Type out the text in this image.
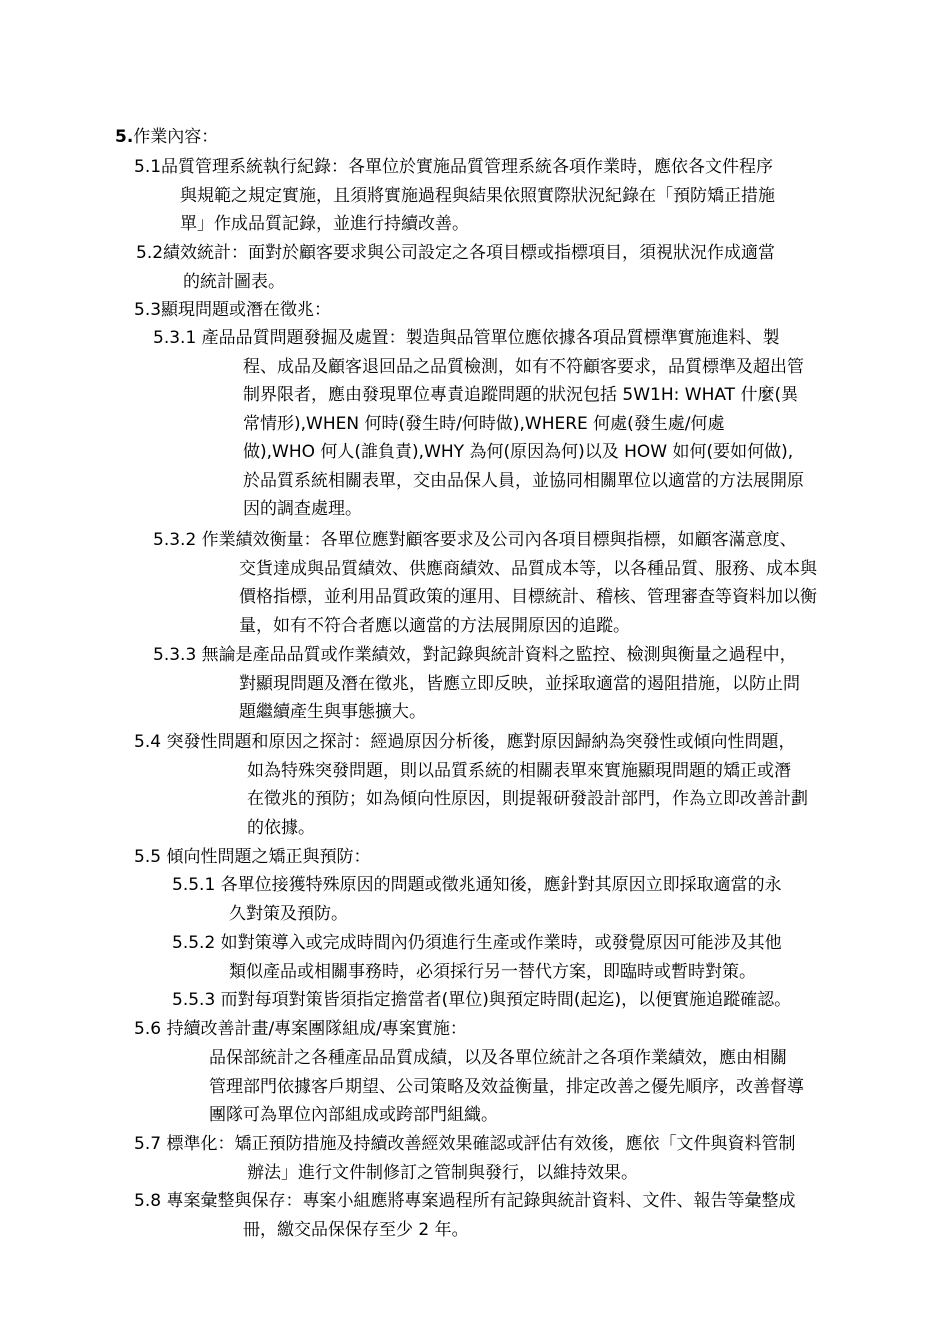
5.作業內容：
5.1品質管理系統執行紀錄：各單位於實施品質管理系統各項作業時，應依各文件程序
與規範之規定實施，且須將實施過程與結果依照實際狀況紀錄在「預防矯正措施
單」作成品質記錄，並進行持續改善。
5.2績效統計：面對於顧客要求與公司設定之各項目標或指標項目，須視狀況作成適當
的統計圖表。
5.3顯現問題或潛在徵兆：
5.3.1 產品品質問題發掘及處置：製造與品管單位應依據各項品質標準實施進料、製
程、成品及顧客退回品之品質檢測，如有不符顧客要求，品質標準及超出管
制界限者，應由發現單位專責追蹤問題的狀況包括 5W1H: WHAT 什麼(異
常情形),WHEN 何時(發生時/何時做),WHERE 何處(發生處/何處
做),WHO 何人(誰負責),WHY 為何(原因為何)以及 HOW 如何(要如何做),
於品質系統相關表單，交由品保人員，並協同相關單位以適當的方法展開原
因的調查處理。
5.3.2 作業績效衡量：各單位應對顧客要求及公司內各項目標與指標，如顧客滿意度、
交貨達成與品質績效、供應商績效、品質成本等，以各種品質、服務、成本與
價格指標，並利用品質政策的運用、目標統計、稽核、管理審查等資料加以衡
量，如有不符合者應以適當的方法展開原因的追蹤。
5.3.3 無論是產品品質或作業績效，對記錄與統計資料之監控、檢測與衡量之過程中，
對顯現問題及潛在徵兆，皆應立即反映，並採取適當的遏阻措施，以防止問
題繼續產生與事態擴大。
5.4 突發性問題和原因之探討：經過原因分析後，應對原因歸納為突發性或傾向性問題，
如為特殊突發問題，則以品質系統的相關表單來實施顯現問題的矯正或潛
在徵兆的預防；如為傾向性原因，則提報研發設計部門，作為立即改善計劃
的依據。
5.5 傾向性問題之矯正與預防：
5.5.1 各單位接獲特殊原因的問題或徵兆通知後，應針對其原因立即採取適當的永
久對策及預防。
5.5.2 如對策導入或完成時間內仍須進行生產或作業時，或發覺原因可能涉及其他
類似產品或相關事務時，必須採行另一替代方案，即臨時或暫時對策。
5.5.3 而對每項對策皆須指定擔當者(單位)與預定時間(起迄)，以便實施追蹤確認。
5.6 持續改善計畫/專案團隊組成/專案實施：
品保部統計之各種產品品質成績，以及各單位統計之各項作業績效，應由相關
管理部門依據客戶期望、公司策略及效益衡量，排定改善之優先順序，改善督導
團隊可為單位內部組成或跨部門組織。
5.7 標準化：矯正預防措施及持續改善經效果確認或評估有效後，應依「文件與資料管制
辦法」進行文件制修訂之管制與發行，以維持效果。
5.8 專案彙整與保存：專案小組應將專案過程所有記錄與統計資料、文件、報告等彙整成
冊，繳交品保保存至少 2 年。
